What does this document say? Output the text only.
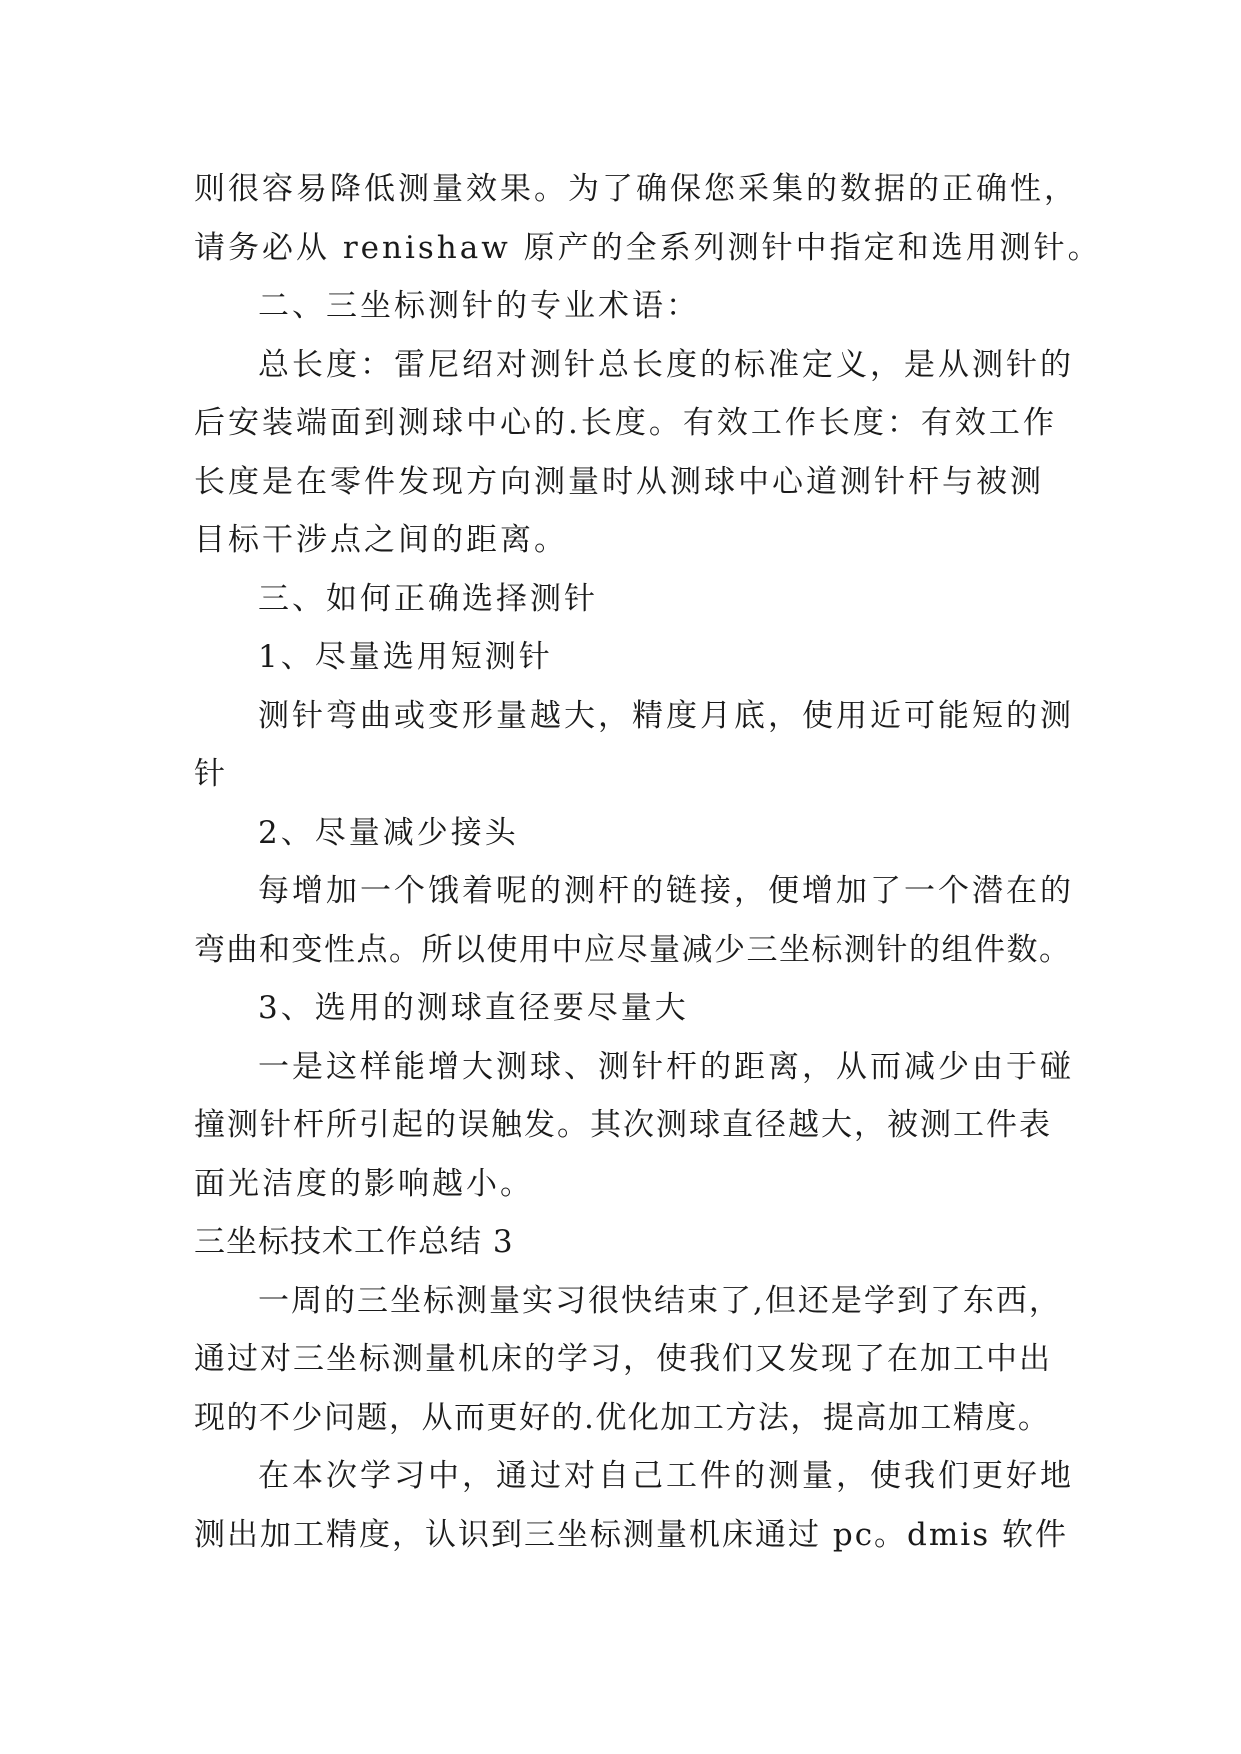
则很容易降低测量效果。为了确保您采集的数据的正确性，
请务必从 renishaw 原产的全系列测针中指定和选用测针。
二、三坐标测针的专业术语：
总长度：雷尼绍对测针总长度的标准定义，是从测针的
后安装端面到测球中心的.长度。有效工作长度：有效工作
长度是在零件发现方向测量时从测球中心道测针杆与被测
目标干涉点之间的距离。
三、如何正确选择测针
1、尽量选用短测针
测针弯曲或变形量越大，精度月底，使用近可能短的测
针
2、尽量减少接头
每增加一个饿着呢的测杆的链接，便增加了一个潜在的
弯曲和变性点。所以使用中应尽量减少三坐标测针的组件数。
3、选用的测球直径要尽量大
一是这样能增大测球、测针杆的距离，从而减少由于碰
撞测针杆所引起的误触发。其次测球直径越大，被测工件表
面光洁度的影响越小。
三坐标技术工作总结 3
一周的三坐标测量实习很快结束了,但还是学到了东西，
通过对三坐标测量机床的学习，使我们又发现了在加工中出
现的不少问题，从而更好的.优化加工方法，提高加工精度。
在本次学习中，通过对自己工件的测量，使我们更好地
测出加工精度，认识到三坐标测量机床通过 pc。dmis 软件
